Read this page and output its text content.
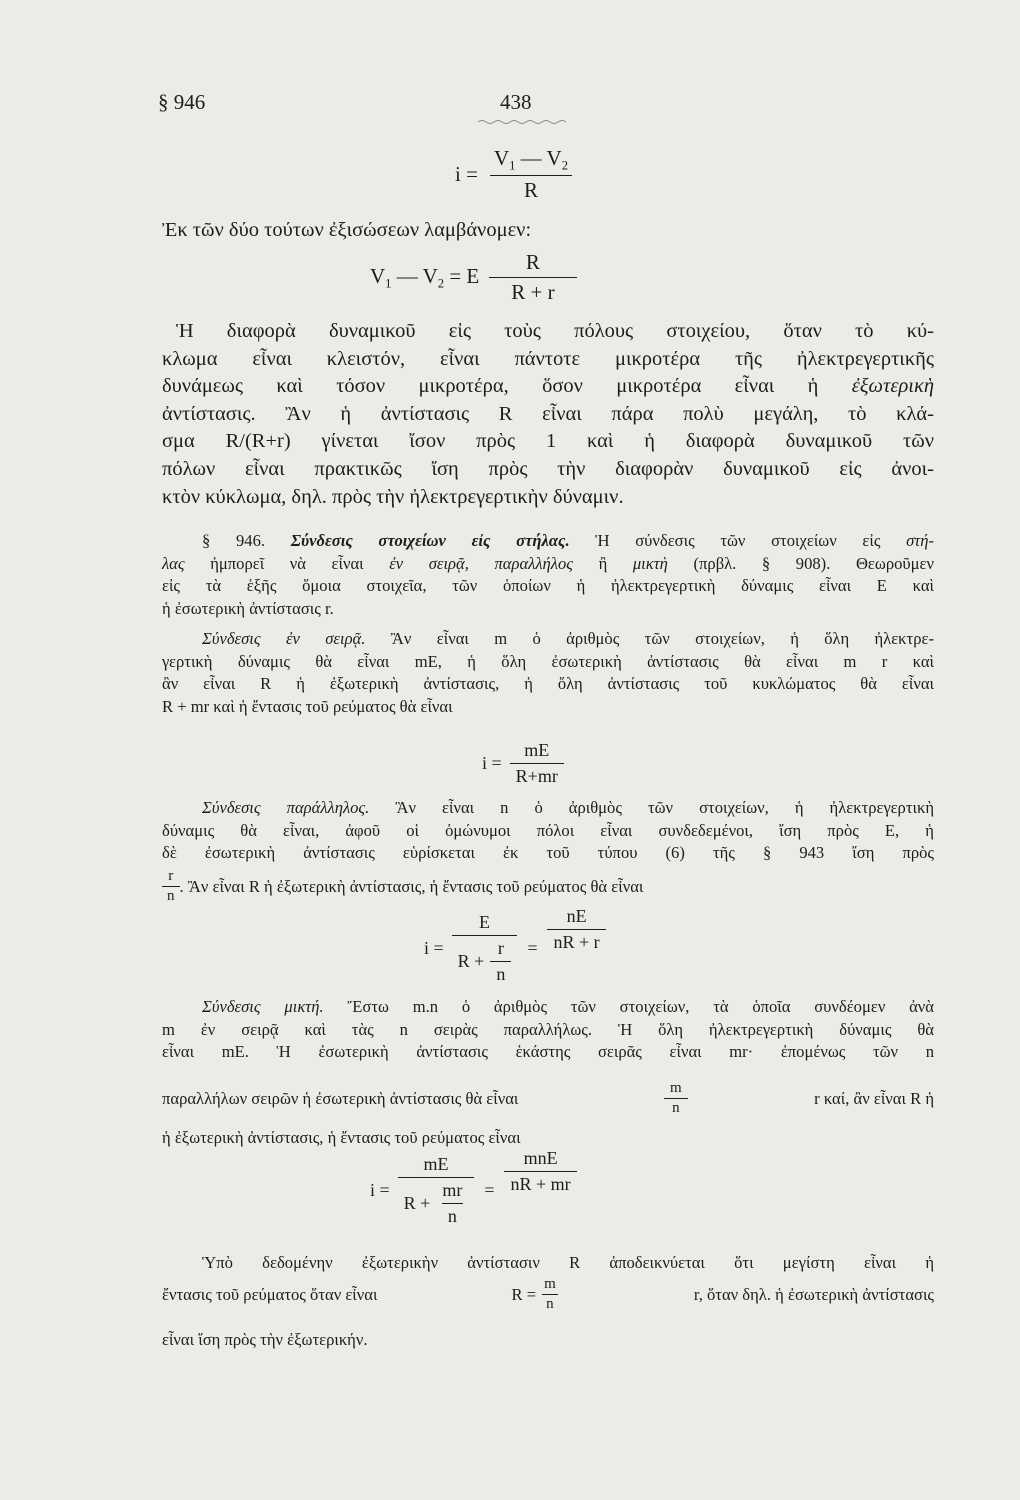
§ 946	438
$i = \frac{V_1 — V_2}{R}$
Ἐκ τῶν δύο τούτων ἐξισώσεων λαμβάνομεν:
$V_1$ — $V_2 = E \frac{R}{R + r}$
Ἡ διαφορὰ δυναμικοῦ εἰς τοὺς πόλους στοιχείου, ὅταν τὸ κύ-
κλωμα εἶναι κλειστόν, εἶναι πάντοτε μικροτέρα τῆς ἠλεκτρεγερτικῆς
δυνάμεως καὶ τόσον μικροτέρα, ὅσον μικροτέρα εἶναι ἡ ἐξωτερικὴ
ἀντίστασις. Ἂν ἡ ἀντίστασις R εἶναι πάρα πολὺ μεγάλη, τὸ κλά-
σμα R/(R+r) γίνεται ἴσον πρὸς 1 καὶ ἡ διαφορὰ δυναμικοῦ τῶν
πόλων εἶναι πρακτικῶς ἴση πρὸς τὴν διαφορὰν δυναμικοῦ εἰς ἀνοι-
κτὸν κύκλωμα, δηλ. πρὸς τὴν ἠλεκτρεγερτικὴν δύναμιν.
§ 946. Σύνδεσις στοιχείων εἰς στήλας. Ἡ σύνδεσις τῶν στοιχείων εἰς στή-
λας ἠμπορεῖ νὰ εἶναι ἐν σειρᾷ, παραλλήλος ἢ μικτὴ (πρβλ. § 908). Θεωροῦμεν
εἰς τὰ ἑξῆς ὅμοια στοιχεῖα, τῶν ὁποίων ἡ ἠλεκτρεγερτικὴ δύναμις εἶναι E καὶ
ἡ ἐσωτερικὴ ἀντίστασις r.
Σύνδεσις ἐν σειρᾷ. Ἂν εἶναι m ὁ ἀριθμὸς τῶν στοιχείων, ἡ ὅλη ἠλεκτρε-
γερτικὴ δύναμις θὰ εἶναι mE, ἡ ὅλη ἐσωτερικὴ ἀντίστασις θὰ εἶναι m r καὶ
ἂν εἶναι R ἡ ἐξωτερικὴ ἀντίστασις, ἡ ὅλη ἀντίστασις τοῦ κυκλώματος θὰ εἶναι
R + mr καὶ ἡ ἔντασις τοῦ ρεύματος θὰ εἶναι
$i = \frac{mE}{R+mr}$
Σύνδεσις παράλληλος. Ἂν εἶναι n ὁ ἀριθμὸς τῶν στοιχείων, ἡ ἠλεκτρεγερτικὴ
δύναμις θὰ εἶναι, ἀφοῦ οἱ ὁμώνυμοι πόλοι εἶναι συνδεδεμένοι, ἴση πρὸς E, ἡ
δὲ ἐσωτερικὴ ἀντίστασις εὑρίσκεται ἐκ τοῦ τύπου (6) τῆς § 943 ἴση πρὸς
$\frac{r}{n}$ . Ἂν εἶναι R ἡ ἐξωτερικὴ ἀντίστασις, ἡ ἔντασις τοῦ ρεύματος θὰ εἶναι
$i = \frac{E}{R + \frac{r}{n}} = \frac{nE}{nR + r}$
Σύνδεσις μικτή. Ἔστω m.n ὁ ἀριθμὸς τῶν στοιχείων, τὰ ὁποῖα συνδέομεν ἀνὰ
m ἐν σειρᾷ καὶ τὰς n σειρὰς παραλλήλως. Ἡ ὅλη ἠλεκτρεγερτικὴ δύναμις θὰ
εἶναι mE. Ἡ ἐσωτερικὴ ἀντίστασις ἑκάστης σειρᾶς εἶναι mr· ἐπομένως τῶν n
παραλλήλων σειρῶν ἡ ἐσωτερικὴ ἀντίστασις θὰ εἶναι	$\frac{m}{n}$	r καί, ἂν εἶναι R ἡ
ἡ ἐξωτερικὴ ἀντίστασις, ἡ ἔντασις τοῦ ρεύματος εἶναι
$i = \frac{mE}{R + \frac{mr}{n}} = \frac{\text{mnE}}{nR + mr}$
Ὑπὸ δεδομένην ἐξωτερικὴν ἀντίστασιν R ἀποδεικνύεται ὅτι μεγίστη εἶναι ἡ
ἔντασις τοῦ ρεύματος ὅταν εἶναι	$R = \frac{m}{n}$	r, ὅταν δηλ. ἡ ἐσωτερικὴ ἀντίστασις
εἶναι ἴση πρὸς τὴν ἐξωτερικήν.
